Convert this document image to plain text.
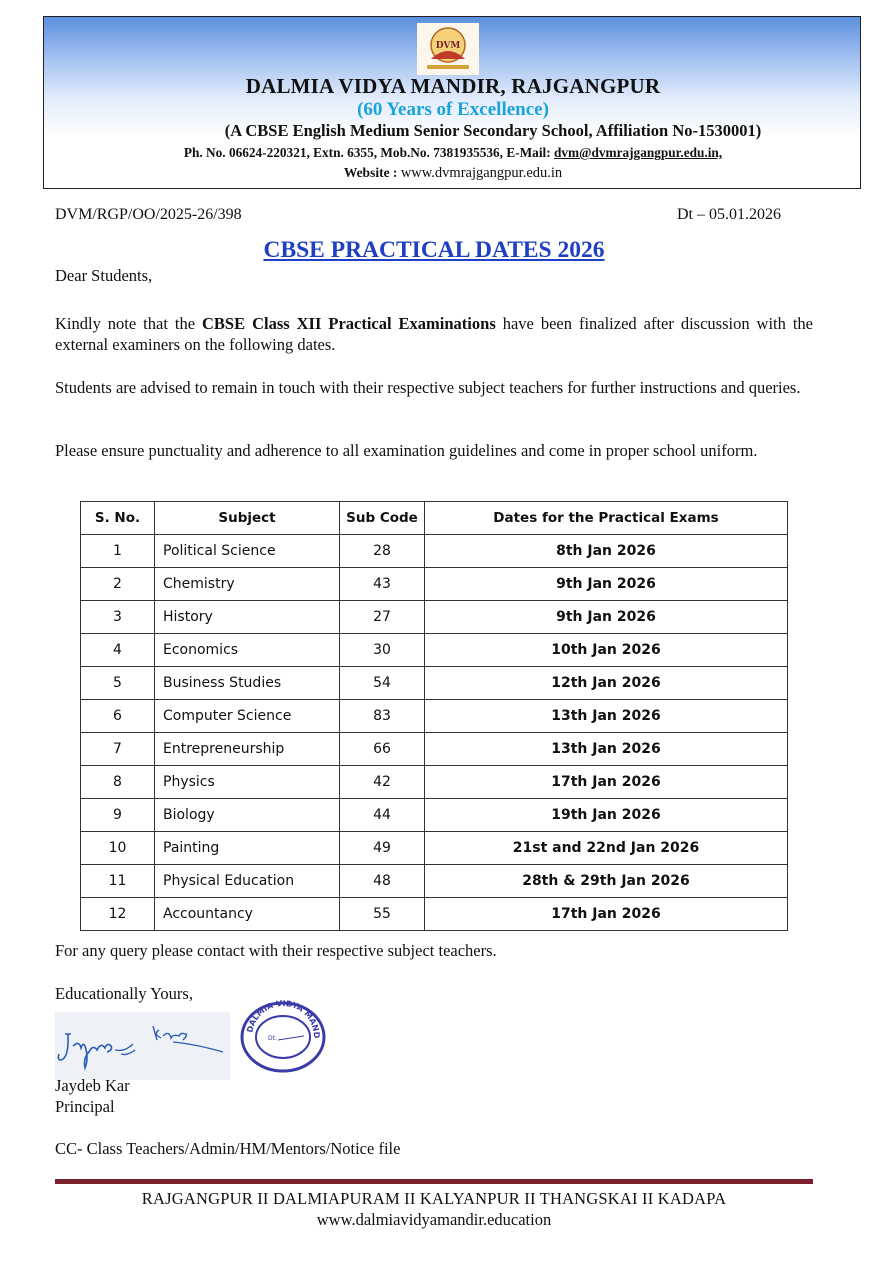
DVM
DALMIA VIDYA MANDIR, RAJGANGPUR
(60 Years of Excellence)
(A CBSE English Medium Senior Secondary School, Affiliation No-1530001)
Ph. No. 06624-220321, Extn. 6355, Mob.No. 7381935536, E-Mail: dvm@dvmrajgangpur.edu.in,
Website : www.dvmrajgangpur.edu.in
DVM/RGP/OO/2025-26/398	Dt – 05.01.2026
CBSE PRACTICAL DATES 2026
Dear Students,
Kindly note that the CBSE Class XII Practical Examinations have been finalized after discussion with the external examiners on the following dates.
Students are advised to remain in touch with their respective subject teachers for further instructions and queries.
Please ensure punctuality and adherence to all examination guidelines and come in proper school uniform.
S. No.	Subject	Sub Code	Dates for the Practical Exams
1	Political Science	28	8th Jan 2026
2	Chemistry	43	9th Jan 2026
3	History	27	9th Jan 2026
4	Economics	30	10th Jan 2026
5	Business Studies	54	12th Jan 2026
6	Computer Science	83	13th Jan 2026
7	Entrepreneurship	66	13th Jan 2026
8	Physics	42	17th Jan 2026
9	Biology	44	19th Jan 2026
10	Painting	49	21st and 22nd Jan 2026
11	Physical Education	48	28th & 29th Jan 2026
12	Accountancy	55	17th Jan 2026
For any query please contact with their respective subject teachers.
Educationally Yours,
DALMIA VIDYA MAND
Dt.
Jaydeb Kar
Principal
CC- Class Teachers/Admin/HM/Mentors/Notice file
RAJGANGPUR II DALMIAPURAM II KALYANPUR II THANGSKAI II KADAPA
www.dalmiavidyamandir.education
